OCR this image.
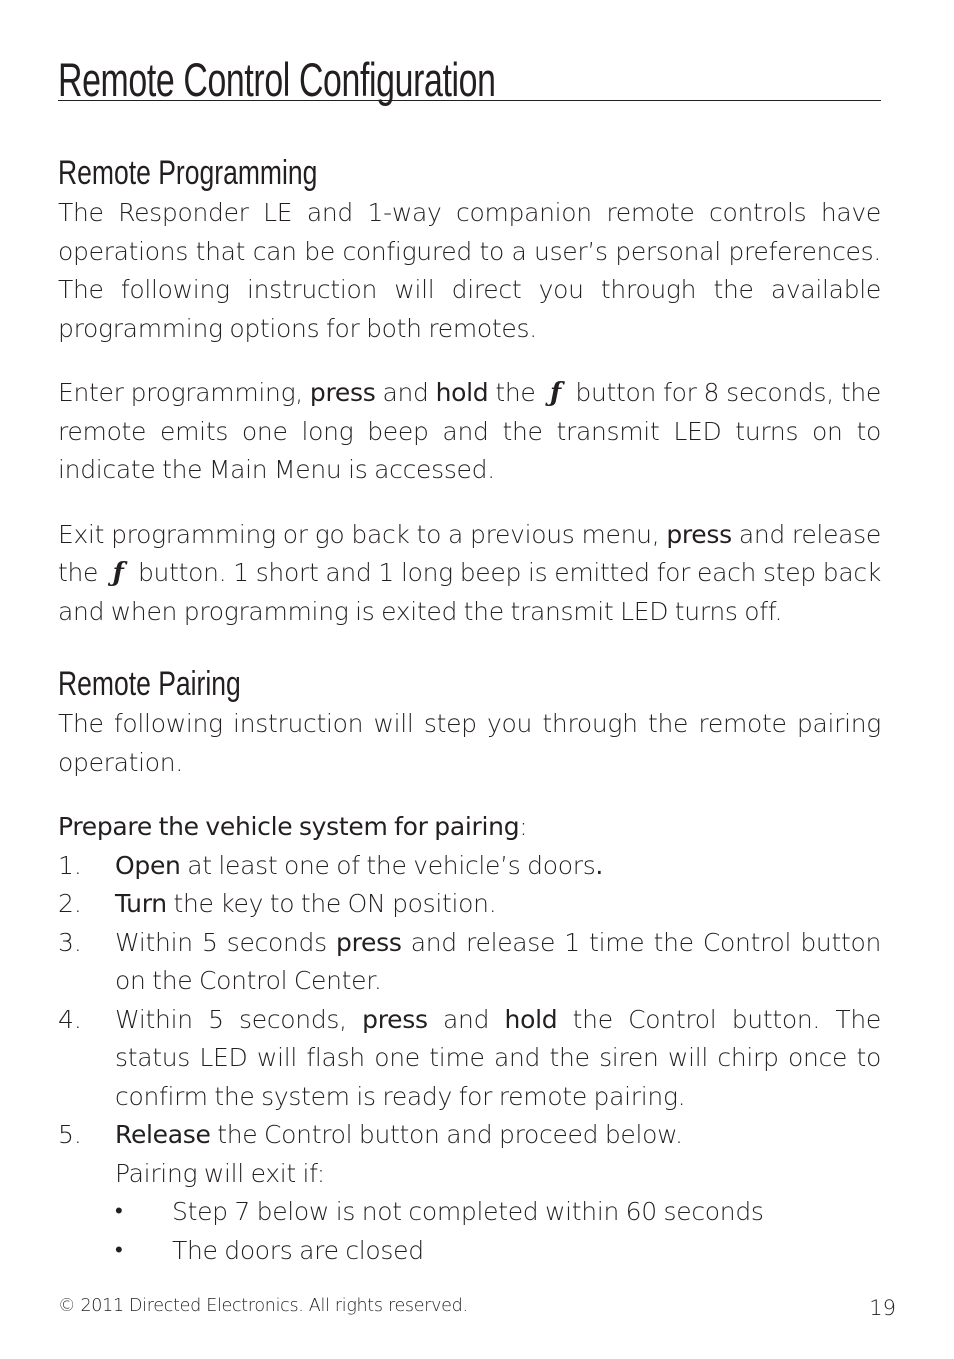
Remote Control Configuration
Remote Programming

The Responder LE and 1-way companion remote controls have operations that can be configured to a user’s personal preferences. The following instruction will direct you through the available programming options for both remotes.

Enter programming, press and hold the ƒ button for 8 seconds, the remote emits one long beep and the transmit LED turns on to indicate the Main Menu is accessed.

Exit programming or go back to a previous menu, press and release the ƒ button. 1 short and 1 long beep is emitted for each step back and when programming is exited the transmit LED turns off.

Remote Pairing

The following instruction will step you through the remote pairing operation.

Prepare the vehicle system for pairing:

1.	Open at least one of the vehicle’s doors.
2.	Turn the key to the ON position.
3.	Within 5 seconds press and release 1 time the Control button on the Control Center.
4.	Within 5 seconds, press and hold the Control button. The status LED will flash one time and the siren will chirp once to confirm the system is ready for remote pairing.
5.	Release the Control button and proceed below.
Pairing will exit if:
•	Step 7 below is not completed within 60 seconds
•	The doors are closed
© 2011 Directed Electronics. All rights reserved.	19
